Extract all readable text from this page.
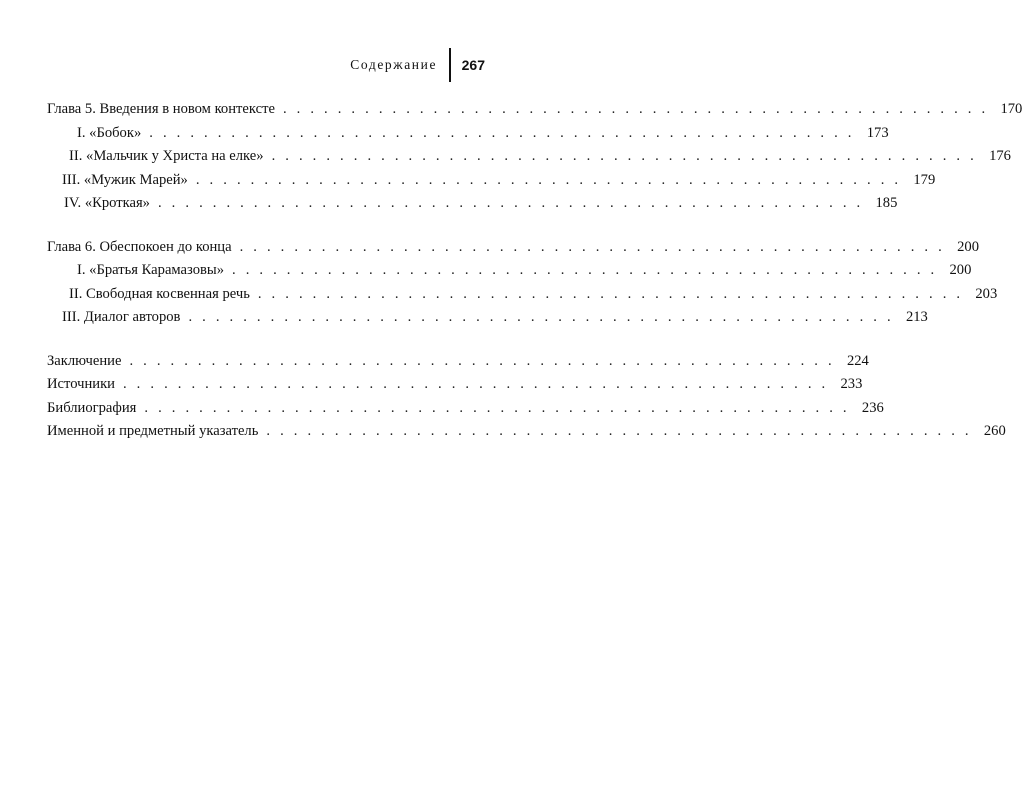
Содержание 267
Глава 5. Введения в новом контексте . . . . . . . . . . . . . . . . . . . . . . . . . . . . . . . . . . . . . . . . . . . . . . . . . . . . 170
I. «Бобок» . . . . . . . . . . . . . . . . . . . . . . . . . . . . . . . . . . . . . . . . . . . . . . . . . . . . 173
II. «Мальчик у Христа на елке» . . . . . . . . . . . . . . . . . . . . . . . . . . . . . . . . . . . . . . . . . . . . . . . . . . . . 176
III. «Мужик Марей» . . . . . . . . . . . . . . . . . . . . . . . . . . . . . . . . . . . . . . . . . . . . . . . . . . . . 179
IV. «Кроткая» . . . . . . . . . . . . . . . . . . . . . . . . . . . . . . . . . . . . . . . . . . . . . . . . . . . . 185
Глава 6. Обеспокоен до конца . . . . . . . . . . . . . . . . . . . . . . . . . . . . . . . . . . . . . . . . . . . . . . . . . . . . 200
I. «Братья Карамазовы» . . . . . . . . . . . . . . . . . . . . . . . . . . . . . . . . . . . . . . . . . . . . . . . . . . . . 200
II. Свободная косвенная речь . . . . . . . . . . . . . . . . . . . . . . . . . . . . . . . . . . . . . . . . . . . . . . . . . . . . 203
III. Диалог авторов . . . . . . . . . . . . . . . . . . . . . . . . . . . . . . . . . . . . . . . . . . . . . . . . . . . . 213
Заключение . . . . . . . . . . . . . . . . . . . . . . . . . . . . . . . . . . . . . . . . . . . . . . . . . . . . 224
Источники . . . . . . . . . . . . . . . . . . . . . . . . . . . . . . . . . . . . . . . . . . . . . . . . . . . . 233
Библиография . . . . . . . . . . . . . . . . . . . . . . . . . . . . . . . . . . . . . . . . . . . . . . . . . . . . 236
Именной и предметный указатель . . . . . . . . . . . . . . . . . . . . . . . . . . . . . . . . . . . . . . . . . . . . . . . . . . . . 260
